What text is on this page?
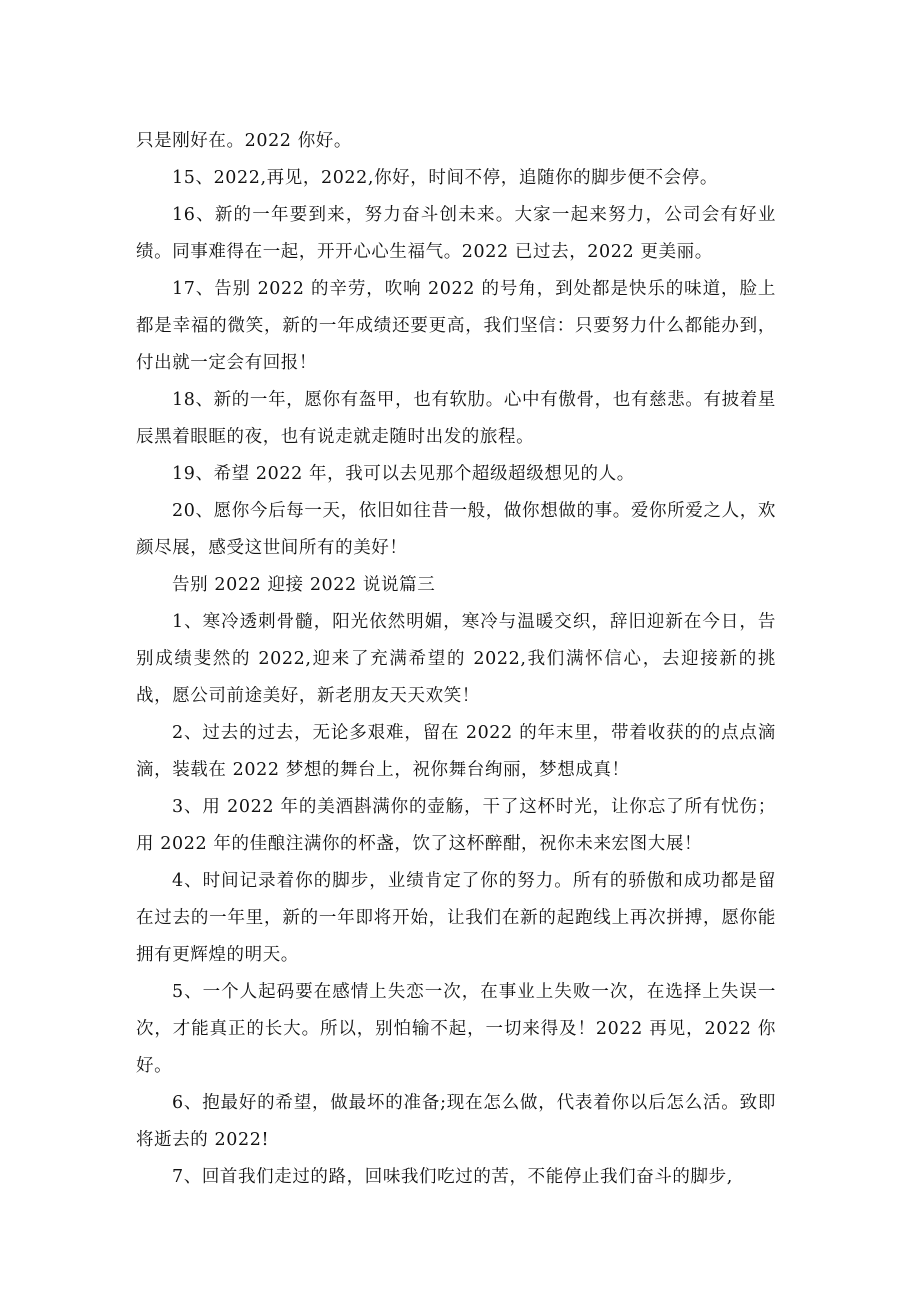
只是刚好在。2022 你好。

15、2022,再见，2022,你好，时间不停，追随你的脚步便不会停。

16、新的一年要到来，努力奋斗创未来。大家一起来努力，公司会有好业绩。同事难得在一起，开开心心生福气。2022 已过去，2022 更美丽。

17、告别 2022 的辛劳，吹响 2022 的号角，到处都是快乐的味道，脸上都是幸福的微笑，新的一年成绩还要更高，我们坚信：只要努力什么都能办到，付出就一定会有回报！

18、新的一年，愿你有盔甲，也有软肋。心中有傲骨，也有慈悲。有披着星辰黑着眼眶的夜，也有说走就走随时出发的旅程。

19、希望 2022 年，我可以去见那个超级超级想见的人。

20、愿你今后每一天，依旧如往昔一般，做你想做的事。爱你所爱之人，欢颜尽展，感受这世间所有的美好！

告别 2022 迎接 2022 说说篇三

1、寒冷透刺骨髓，阳光依然明媚，寒冷与温暖交织，辞旧迎新在今日，告别成绩斐然的 2022,迎来了充满希望的 2022,我们满怀信心，去迎接新的挑战，愿公司前途美好，新老朋友天天欢笑！

2、过去的过去，无论多艰难，留在 2022 的年末里，带着收获的的点点滴滴，装载在 2022 梦想的舞台上，祝你舞台绚丽，梦想成真！

3、用 2022 年的美酒斟满你的壶觞，干了这杯时光，让你忘了所有忧伤；用 2022 年的佳酿注满你的杯盏，饮了这杯醉酣，祝你未来宏图大展！

4、时间记录着你的脚步，业绩肯定了你的努力。所有的骄傲和成功都是留在过去的一年里，新的一年即将开始，让我们在新的起跑线上再次拼搏，愿你能拥有更辉煌的明天。

5、一个人起码要在感情上失恋一次，在事业上失败一次，在选择上失误一次，才能真正的长大。所以，别怕输不起，一切来得及！2022 再见，2022 你好。

6、抱最好的希望，做最坏的准备;现在怎么做，代表着你以后怎么活。致即将逝去的 2022!

7、回首我们走过的路，回味我们吃过的苦，不能停止我们奋斗的脚步,
